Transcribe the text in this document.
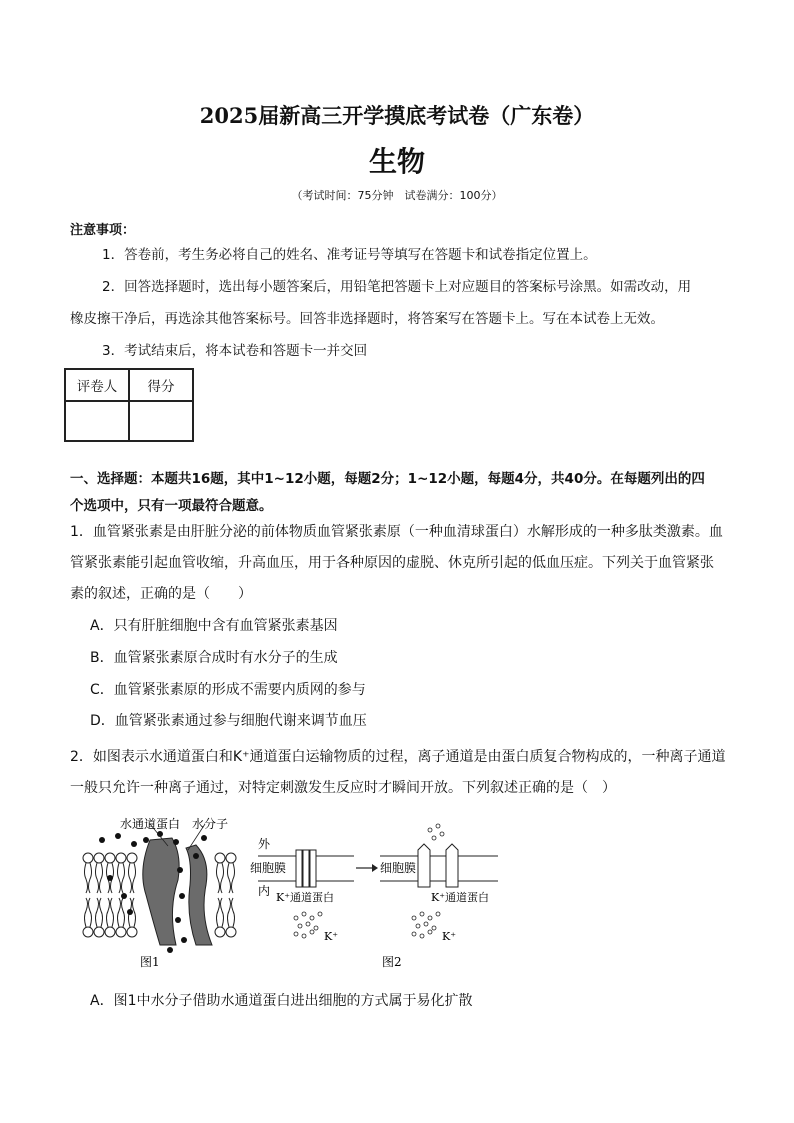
2025届新高三开学摸底考试卷（广东卷）
生物
（考试时间：75分钟　试卷满分：100分）
注意事项：
1．答卷前，考生务必将自己的姓名、准考证号等填写在答题卡和试卷指定位置上。
2．回答选择题时，选出每小题答案后，用铅笔把答题卡上对应题目的答案标号涂黑。如需改动，用
橡皮擦干净后，再选涂其他答案标号。回答非选择题时，将答案写在答题卡上。写在本试卷上无效。
3．考试结束后，将本试卷和答题卡一并交回
评卷人	得分

一、选择题：本题共16题，其中1~12小题，每题2分；1~12小题，每题4分，共40分。在每题列出的四
个选项中，只有一项最符合题意。
1．血管紧张素是由肝脏分泌的前体物质血管紧张素原（一种血清球蛋白）水解形成的一种多肽类激素。血
管紧张素能引起血管收缩，升高血压，用于各种原因的虚脱、休克所引起的低血压症。下列关于血管紧张
素的叙述，正确的是（　　）
A．只有肝脏细胞中含有血管紧张素基因
B．血管紧张素原合成时有水分子的生成
C．血管紧张素原的形成不需要内质网的参与
D．血管紧张素通过参与细胞代谢来调节血压
2．如图表示水通道蛋白和K⁺通道蛋白运输物质的过程，离子通道是由蛋白质复合物构成的，一种离子通道
一般只允许一种离子通过，对特定刺激发生反应时才瞬间开放。下列叙述正确的是（　）
水通道蛋白 水分子
图1
外
细胞膜
内 K⁺通道蛋白
K⁺
细胞膜
K⁺通道蛋白
K⁺
图2
A．图1中水分子借助水通道蛋白进出细胞的方式属于易化扩散
